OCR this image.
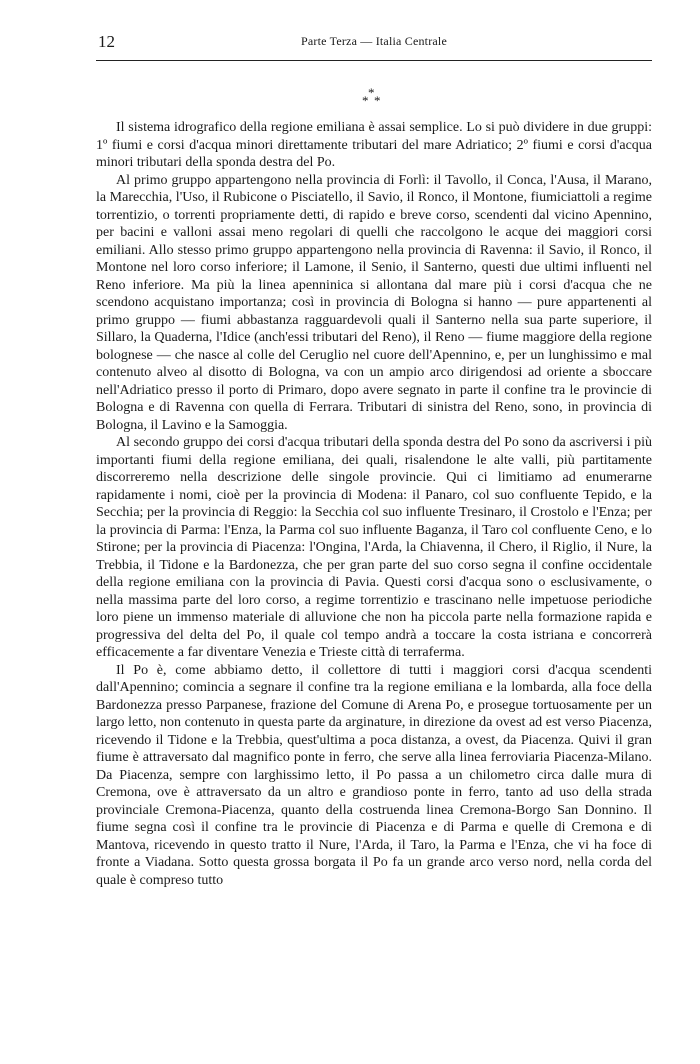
12	Parte Terza — Italia Centrale
*
* *

Il sistema idrografico della regione emiliana è assai semplice. Lo si può dividere in due gruppi: 1º fiumi e corsi d'acqua minori direttamente tributari del mare Adriatico; 2º fiumi e corsi d'acqua minori tributari della sponda destra del Po.

Al primo gruppo appartengono nella provincia di Forlì: il Tavollo, il Conca, l'Ausa, il Marano, la Marecchia, l'Uso, il Rubicone o Pisciatello, il Savio, il Ronco, il Montone, fiumiciattoli a regime torrentizio, o torrenti propriamente detti, di rapido e breve corso, scendenti dal vicino Apennino, per bacini e valloni assai meno regolari di quelli che raccolgono le acque dei maggiori corsi emiliani. Allo stesso primo gruppo appartengono nella provincia di Ravenna: il Savio, il Ronco, il Montone nel loro corso inferiore; il Lamone, il Senio, il Santerno, questi due ultimi influenti nel Reno inferiore. Ma più la linea apenninica si allontana dal mare più i corsi d'acqua che ne scendono acquistano importanza; così in provincia di Bologna si hanno — pure appartenenti al primo gruppo — fiumi abbastanza ragguardevoli quali il Santerno nella sua parte superiore, il Sillaro, la Quaderna, l'Idice (anch'essi tributari del Reno), il Reno — fiume maggiore della regione bolognese — che nasce al colle del Ceruglio nel cuore dell'Apennino, e, per un lunghissimo e mal contenuto alveo al disotto di Bologna, va con un ampio arco dirigendosi ad oriente a sboccare nell'Adriatico presso il porto di Primaro, dopo avere segnato in parte il confine tra le provincie di Bologna e di Ravenna con quella di Ferrara. Tributari di sinistra del Reno, sono, in provincia di Bologna, il Lavino e la Samoggia.

Al secondo gruppo dei corsi d'acqua tributari della sponda destra del Po sono da ascriversi i più importanti fiumi della regione emiliana, dei quali, risalendone le alte valli, più partitamente discorreremo nella descrizione delle singole provincie. Qui ci limitiamo ad enumerarne rapidamente i nomi, cioè per la provincia di Modena: il Panaro, col suo confluente Tepido, e la Secchia; per la provincia di Reggio: la Secchia col suo influente Tresinaro, il Crostolo e l'Enza; per la provincia di Parma: l'Enza, la Parma col suo influente Baganza, il Taro col confluente Ceno, e lo Stirone; per la provincia di Piacenza: l'Ongina, l'Arda, la Chiavenna, il Chero, il Riglio, il Nure, la Trebbia, il Tidone e la Bardonezza, che per gran parte del suo corso segna il confine occidentale della regione emiliana con la provincia di Pavia. Questi corsi d'acqua sono o esclusivamente, o nella massima parte del loro corso, a regime torrentizio e trascinano nelle impetuose periodiche loro piene un immenso materiale di alluvione che non ha piccola parte nella formazione rapida e progressiva del delta del Po, il quale col tempo andrà a toccare la costa istriana e concorrerà efficacemente a far diventare Venezia e Trieste città di terraferma.

Il Po è, come abbiamo detto, il collettore di tutti i maggiori corsi d'acqua scendenti dall'Apennino; comincia a segnare il confine tra la regione emiliana e la lombarda, alla foce della Bardonezza presso Parpanese, frazione del Comune di Arena Po, e prosegue tortuosamente per un largo letto, non contenuto in questa parte da arginature, in direzione da ovest ad est verso Piacenza, ricevendo il Tidone e la Trebbia, quest'ultima a poca distanza, a ovest, da Piacenza. Quivi il gran fiume è attraversato dal magnifico ponte in ferro, che serve alla linea ferroviaria Piacenza-Milano. Da Piacenza, sempre con larghissimo letto, il Po passa a un chilometro circa dalle mura di Cremona, ove è attraversato da un altro e grandioso ponte in ferro, tanto ad uso della strada provinciale Cremona-Piacenza, quanto della costruenda linea Cremona-Borgo San Donnino. Il fiume segna così il confine tra le provincie di Piacenza e di Parma e quelle di Cremona e di Mantova, ricevendo in questo tratto il Nure, l'Arda, il Taro, la Parma e l'Enza, che vi ha foce di fronte a Viadana. Sotto questa grossa borgata il Po fa un grande arco verso nord, nella corda del quale è compreso tutto
